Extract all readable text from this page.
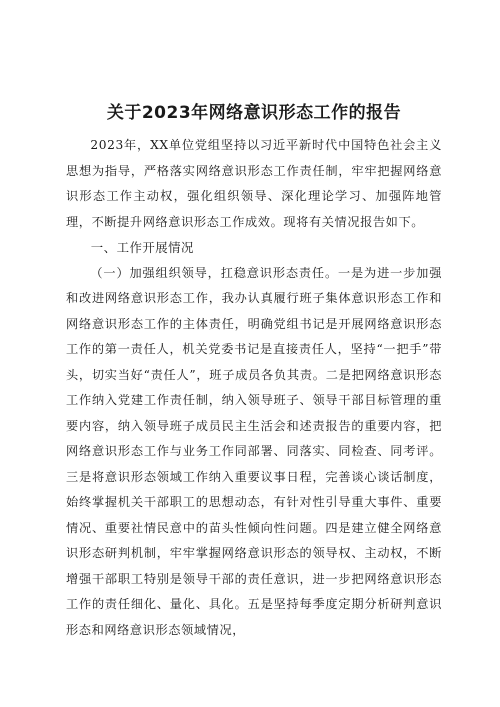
关于2023年网络意识形态工作的报告

2023年，XX单位党组坚持以习近平新时代中国特色社会主义思想为指导，严格落实网络意识形态工作责任制，牢牢把握网络意识形态工作主动权，强化组织领导、深化理论学习、加强阵地管理，不断提升网络意识形态工作成效。现将有关情况报告如下。

一、工作开展情况

（一）加强组织领导，扛稳意识形态责任。一是为进一步加强和改进网络意识形态工作，我办认真履行班子集体意识形态工作和网络意识形态工作的主体责任，明确党组书记是开展网络意识形态工作的第一责任人，机关党委书记是直接责任人，坚持“一把手”带头，切实当好“责任人”，班子成员各负其责。二是把网络意识形态工作纳入党建工作责任制，纳入领导班子、领导干部目标管理的重要内容，纳入领导班子成员民主生活会和述责报告的重要内容，把网络意识形态工作与业务工作同部署、同落实、同检查、同考评。三是将意识形态领域工作纳入重要议事日程，完善谈心谈话制度，始终掌握机关干部职工的思想动态，有针对性引导重大事件、重要情况、重要社情民意中的苗头性倾向性问题。四是建立健全网络意识形态研判机制，牢牢掌握网络意识形态的领导权、主动权，不断增强干部职工特别是领导干部的责任意识，进一步把网络意识形态工作的责任细化、量化、具化。五是坚持每季度定期分析研判意识形态和网络意识形态领域情况，
